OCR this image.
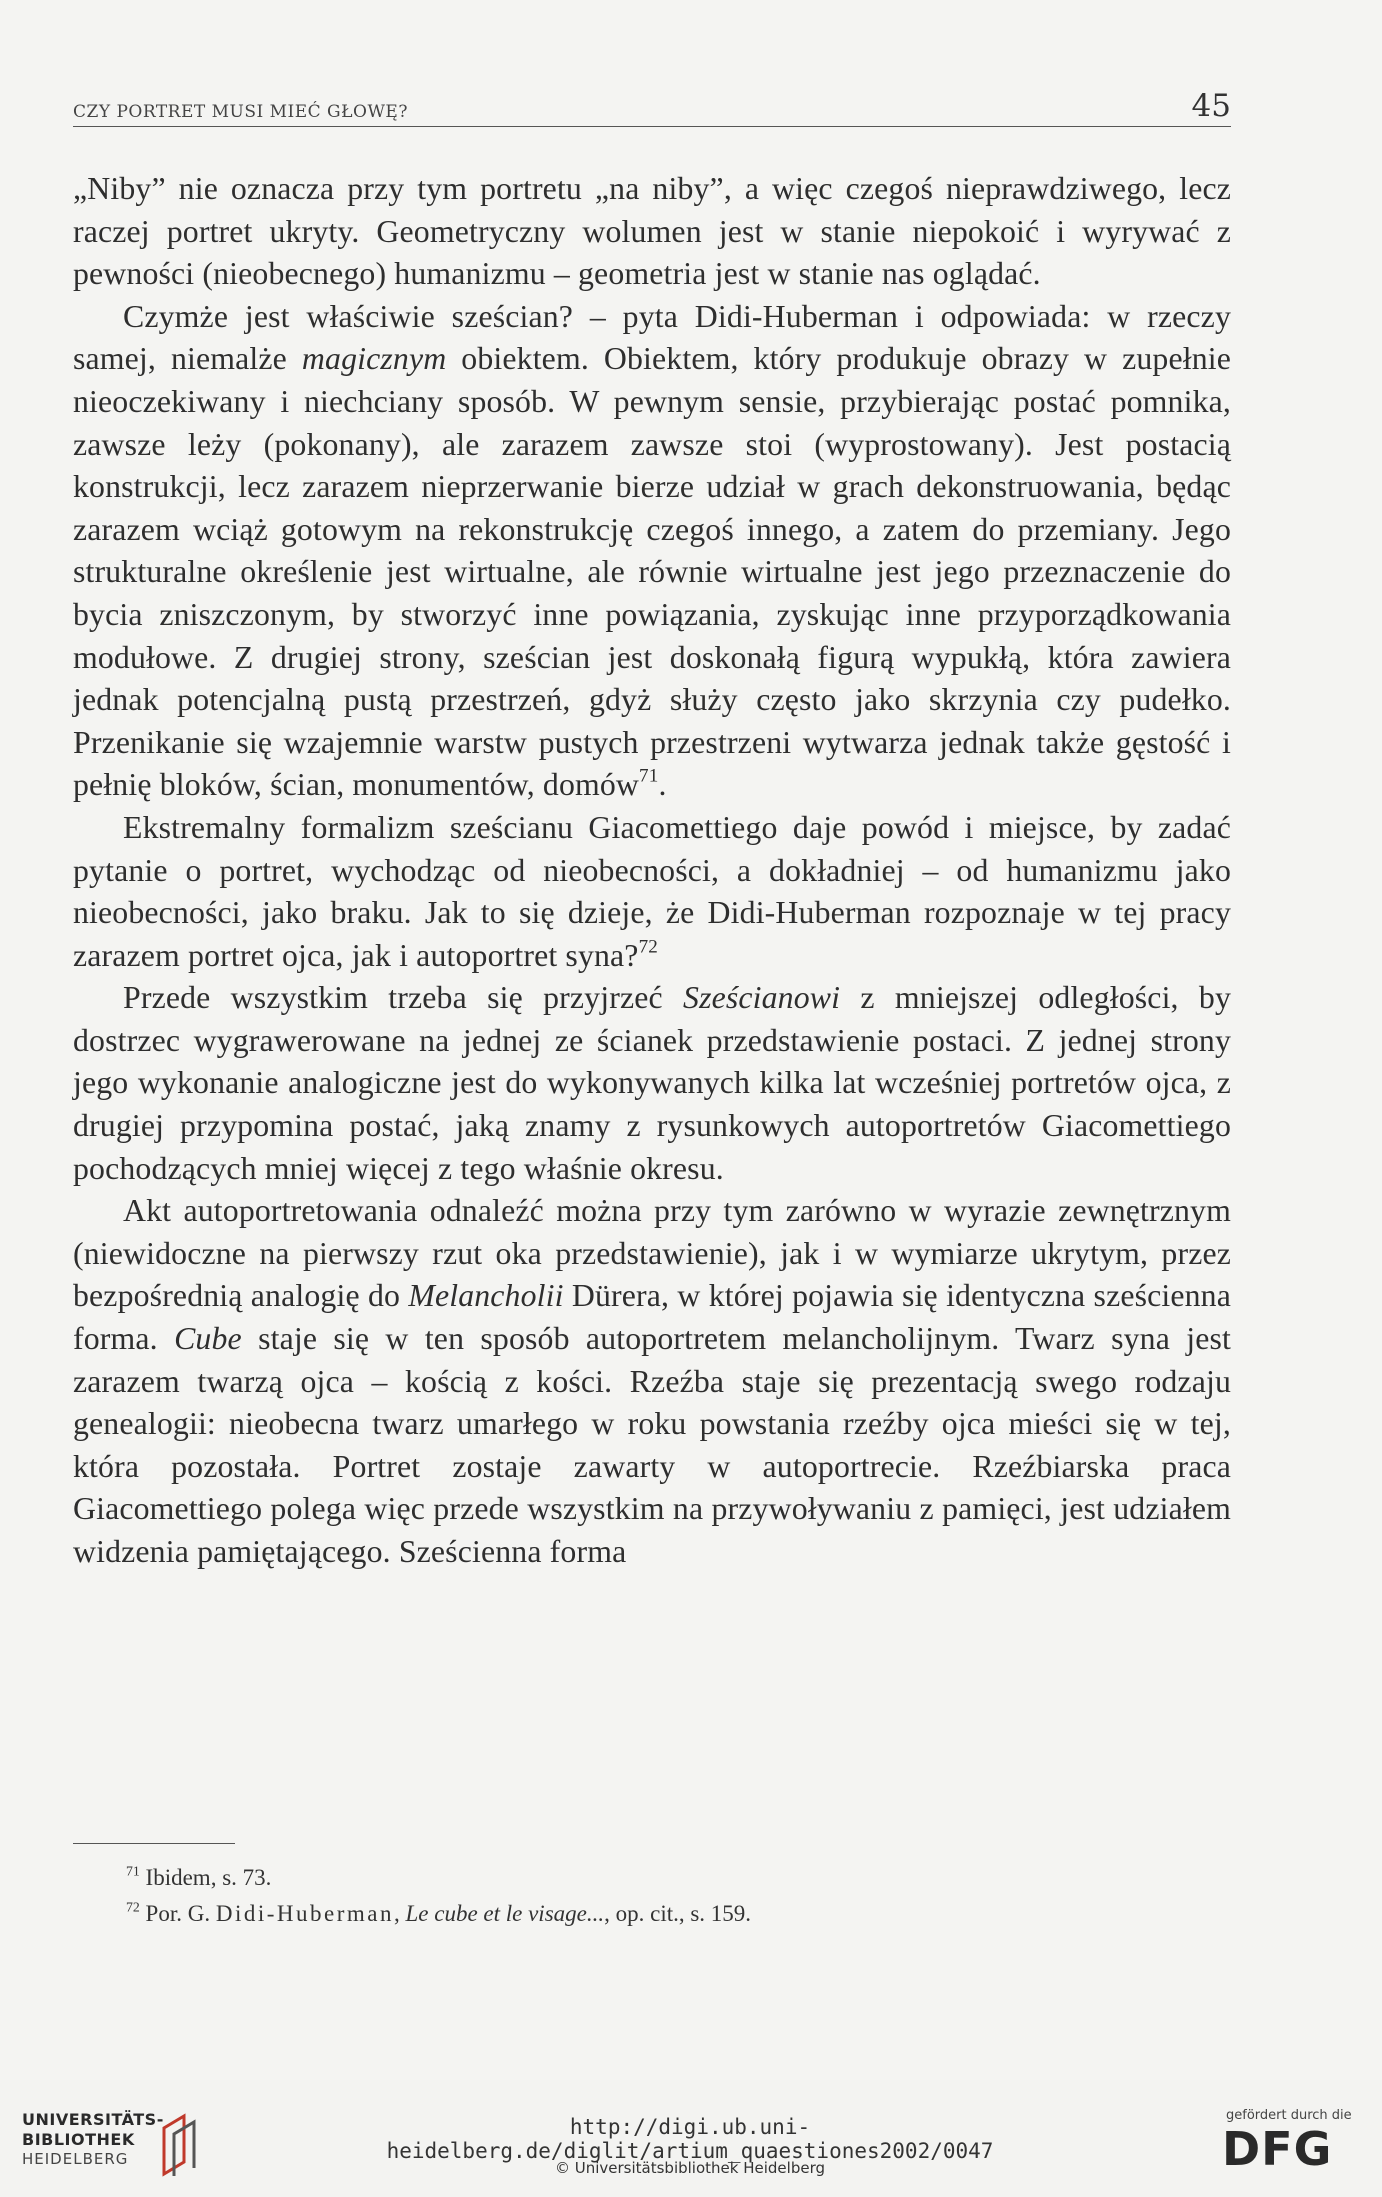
CZY PORTRET MUSI MIEĆ GŁOWĘ?	45

„Niby” nie oznacza przy tym portretu „na niby”, a więc czegoś nieprawdziwego, lecz raczej portret ukryty. Geometryczny wolumen jest w stanie niepokoić i wyrywać z pewności (nieobecnego) humanizmu – geometria jest w stanie nas oglądać.

Czymże jest właściwie sześcian? – pyta Didi-Huberman i odpowiada: w rzeczy samej, niemalże magicznym obiektem. Obiektem, który produkuje obrazy w zupełnie nieoczekiwany i niechciany sposób. W pewnym sensie, przybierając postać pomnika, zawsze leży (pokonany), ale zarazem zawsze stoi (wyprostowany). Jest postacią konstrukcji, lecz zarazem nieprzerwanie bierze udział w grach dekonstruowania, będąc zarazem wciąż gotowym na rekonstrukcję czegoś innego, a zatem do przemiany. Jego strukturalne określenie jest wirtualne, ale równie wirtualne jest jego przeznaczenie do bycia zniszczonym, by stworzyć inne powiązania, zyskując inne przyporządkowania modułowe. Z drugiej strony, sześcian jest doskonałą figurą wypukłą, która zawiera jednak potencjalną pustą przestrzeń, gdyż służy często jako skrzynia czy pudełko. Przenikanie się wzajemnie warstw pustych przestrzeni wytwarza jednak także gęstość i pełnię bloków, ścian, monumentów, domów$^{71}$.

Ekstremalny formalizm sześcianu Giacomettiego daje powód i miejsce, by zadać pytanie o portret, wychodząc od nieobecności, a dokładniej – od humanizmu jako nieobecności, jako braku. Jak to się dzieje, że Didi-Huberman rozpoznaje w tej pracy zarazem portret ojca, jak i autoportret syna?$^{72}$

Przede wszystkim trzeba się przyjrzeć Sześcianowi z mniejszej odległości, by dostrzec wygrawerowane na jednej ze ścianek przedstawienie postaci. Z jednej strony jego wykonanie analogiczne jest do wykonywanych kilka lat wcześniej portretów ojca, z drugiej przypomina postać, jaką znamy z rysunkowych autoportretów Giacomettiego pochodzących mniej więcej z tego właśnie okresu.

Akt autoportretowania odnaleźć można przy tym zarówno w wyrazie zewnętrznym (niewidoczne na pierwszy rzut oka przedstawienie), jak i w wymiarze ukrytym, przez bezpośrednią analogię do Melancholii Dürera, w której pojawia się identyczna sześcienna forma. Cube staje się w ten sposób autoportretem melancholijnym. Twarz syna jest zarazem twarzą ojca – kością z kości. Rzeźba staje się prezentacją swego rodzaju genealogii: nieobecna twarz umarłego w roku powstania rzeźby ojca mieści się w tej, która pozostała. Portret zostaje zawarty w autoportrecie. Rzeźbiarska praca Giacomettiego polega więc przede wszystkim na przywoływaniu z pamięci, jest udziałem widzenia pamiętającego. Sześcienna forma

$^{71}$ Ibidem, s. 73.

$^{72}$ Por. G. Didi-Huberman, Le cube et le visage..., op. cit., s. 159.

UNIVERSITÄTS-
BIBLIOTHEK
HEIDELBERG
http://digi.ub.uni-heidelberg.de/diglit/artium_quaestiones2002/0047
© Universitätsbibliothek Heidelberg
gefördert durch die
DFG
